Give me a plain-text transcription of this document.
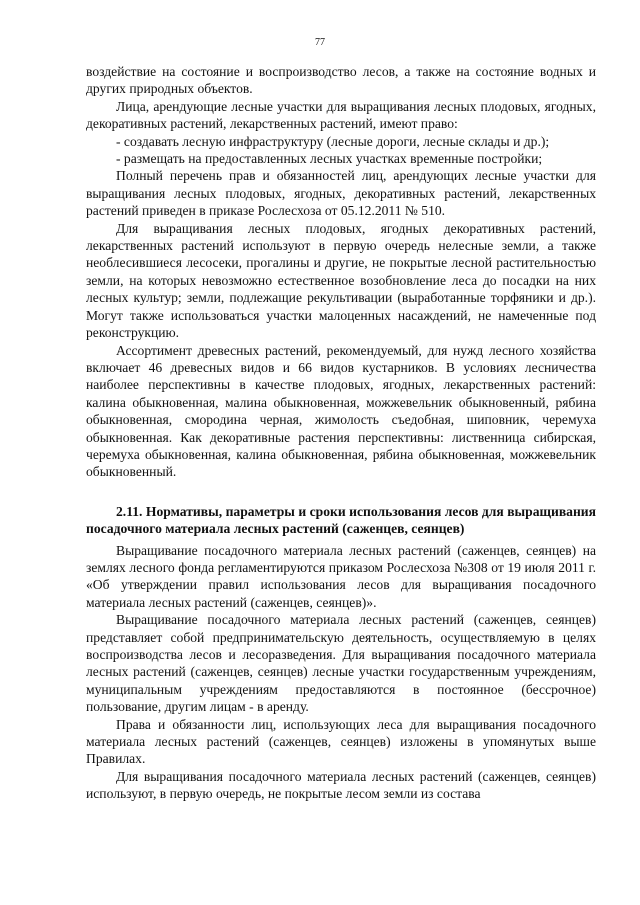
77

воздействие на состояние и воспроизводство лесов, а также на состояние водных и других природных объектов.

Лица, арендующие лесные участки для выращивания лесных плодовых, ягодных, декоративных растений, лекарственных растений, имеют право:

- создавать лесную инфраструктуру (лесные дороги, лесные склады и др.);

- размещать на предоставленных лесных участках временные постройки;

Полный перечень прав и обязанностей лиц, арендующих лесные участки для выращивания лесных плодовых, ягодных, декоративных растений, лекарственных растений приведен в приказе Рослесхоза от 05.12.2011 № 510.

Для выращивания лесных плодовых, ягодных декоративных растений, лекарственных растений используют в первую очередь нелесные земли, а также необлесившиеся лесосеки, прогалины и другие, не покрытые лесной растительностью земли, на которых невозможно естественное возобновление леса до посадки на них лесных культур; земли, подлежащие рекультивации (выработанные торфяники и др.). Могут также использоваться участки малоценных насаждений, не намеченные под реконструкцию.

Ассортимент древесных растений, рекомендуемый, для нужд лесного хозяйства включает 46 древесных видов и 66 видов кустарников. В условиях лесничества наиболее перспективны в качестве плодовых, ягодных, лекарственных растений: калина обыкновенная, малина обыкновенная, можжевельник обыкновенный, рябина обыкновенная, смородина черная, жимолость съедобная, шиповник, черемуха обыкновенная. Как декоративные растения перспективны: лиственница сибирская, черемуха обыкновенная, калина обыкновенная, рябина обыкновенная, можжевельник обыкновенный.

2.11. Нормативы, параметры и сроки использования лесов для выращивания посадочного материала лесных растений (саженцев, сеянцев)

Выращивание посадочного материала лесных растений (саженцев, сеянцев) на землях лесного фонда регламентируются приказом Рослесхоза №308 от 19 июля 2011 г. «Об утверждении правил использования лесов для выращивания посадочного материала лесных растений (саженцев, сеянцев)».

Выращивание посадочного материала лесных растений (саженцев, сеянцев) представляет собой предпринимательскую деятельность, осуществляемую в целях воспроизводства лесов и лесоразведения. Для выращивания посадочного материала лесных растений (саженцев, сеянцев) лесные участки государственным учреждениям, муниципальным учреждениям предоставляются в постоянное (бессрочное) пользование, другим лицам - в аренду.

Права и обязанности лиц, использующих леса для выращивания посадочного материала лесных растений (саженцев, сеянцев) изложены в упомянутых выше Правилах.

Для выращивания посадочного материала лесных растений (саженцев, сеянцев) используют, в первую очередь, не покрытые лесом земли из состава
